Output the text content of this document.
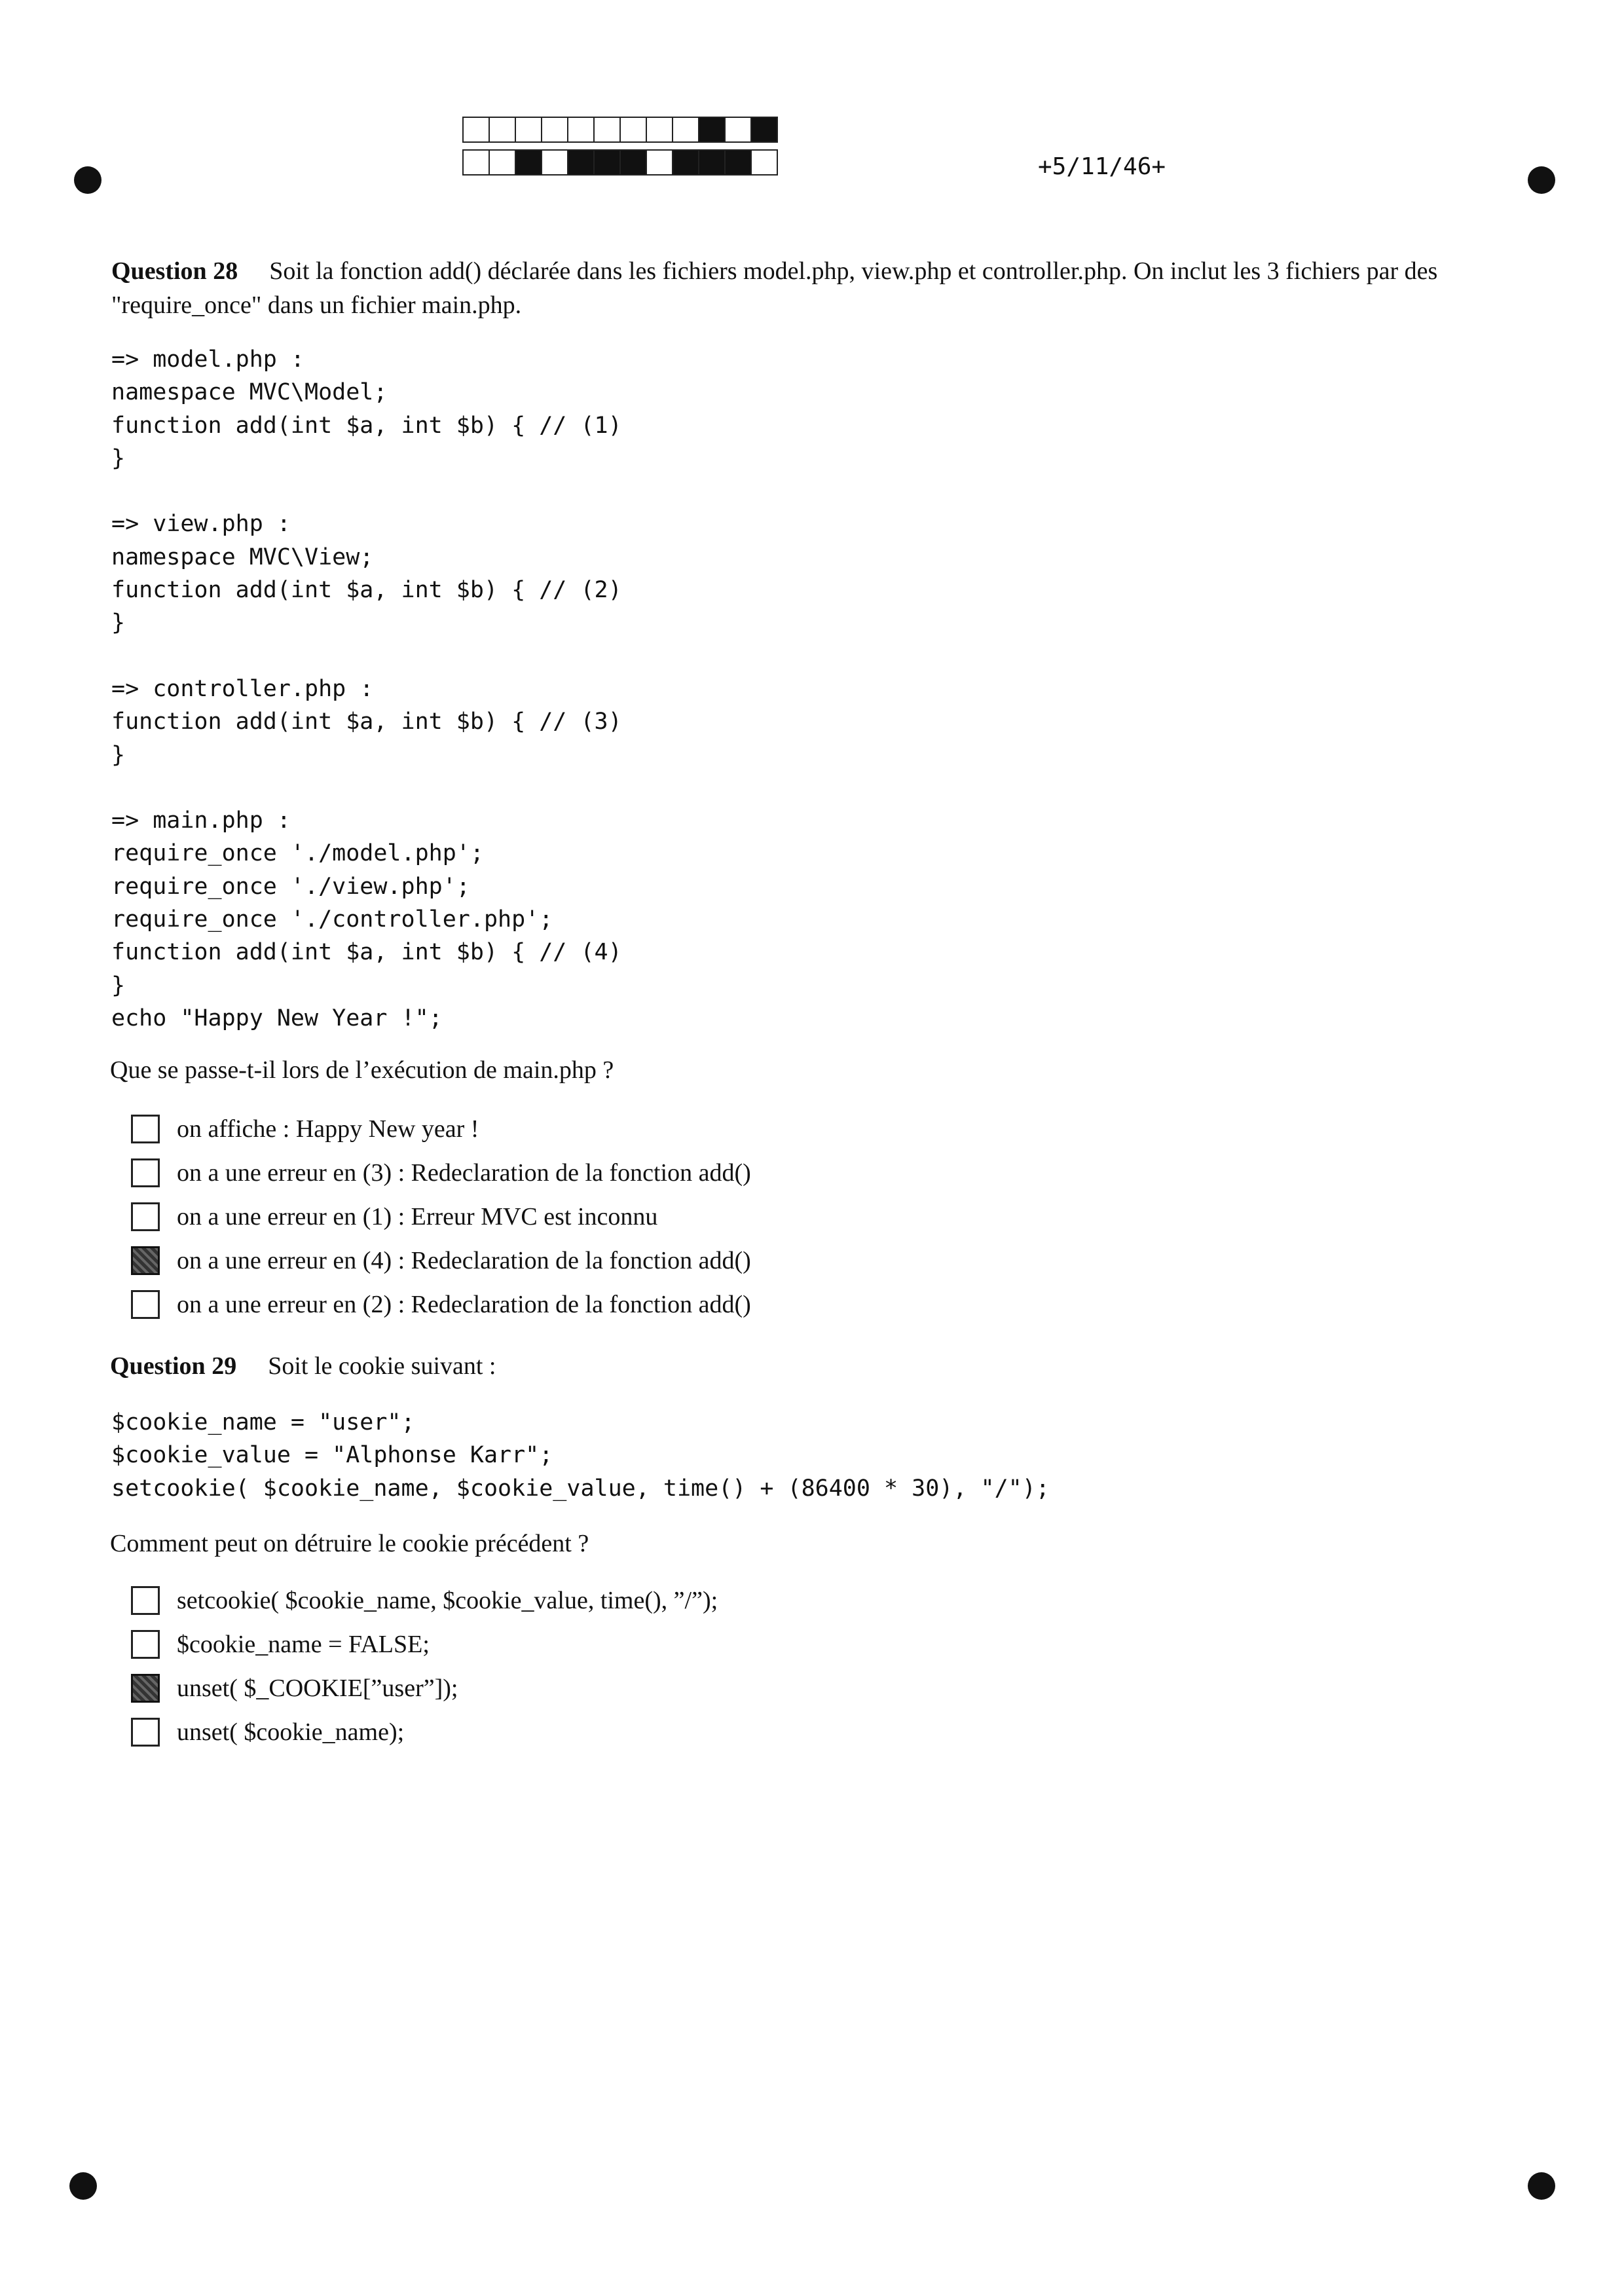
+5/11/46+
Question 28 Soit la fonction add() déclarée dans les fichiers model.php, view.php et controller.php. On inclut les 3 fichiers par des "require_once" dans un fichier main.php.
=> model.php :
namespace MVC\Model;
function add(int $a, int $b) { // (1)
}

=> view.php :
namespace MVC\View;
function add(int $a, int $b) { // (2)
}

=> controller.php :
function add(int $a, int $b) { // (3)
}

=> main.php :
require_once './model.php';
require_once './view.php';
require_once './controller.php';
function add(int $a, int $b) { // (4)
}
echo "Happy New Year !";
Que se passe-t-il lors de l’exécution de main.php ?
on affiche : Happy New year !
on a une erreur en (3) : Redeclaration de la fonction add()
on a une erreur en (1) : Erreur MVC est inconnu
on a une erreur en (4) : Redeclaration de la fonction add()
on a une erreur en (2) : Redeclaration de la fonction add()
Question 29 Soit le cookie suivant :
$cookie_name = "user";
$cookie_value = "Alphonse Karr";
setcookie( $cookie_name, $cookie_value, time() + (86400 * 30), "/");
Comment peut on détruire le cookie précédent ?
setcookie( $cookie_name, $cookie_value, time(), ”/”);
$cookie_name = FALSE;
unset( $_COOKIE[”user”]);
unset( $cookie_name);
